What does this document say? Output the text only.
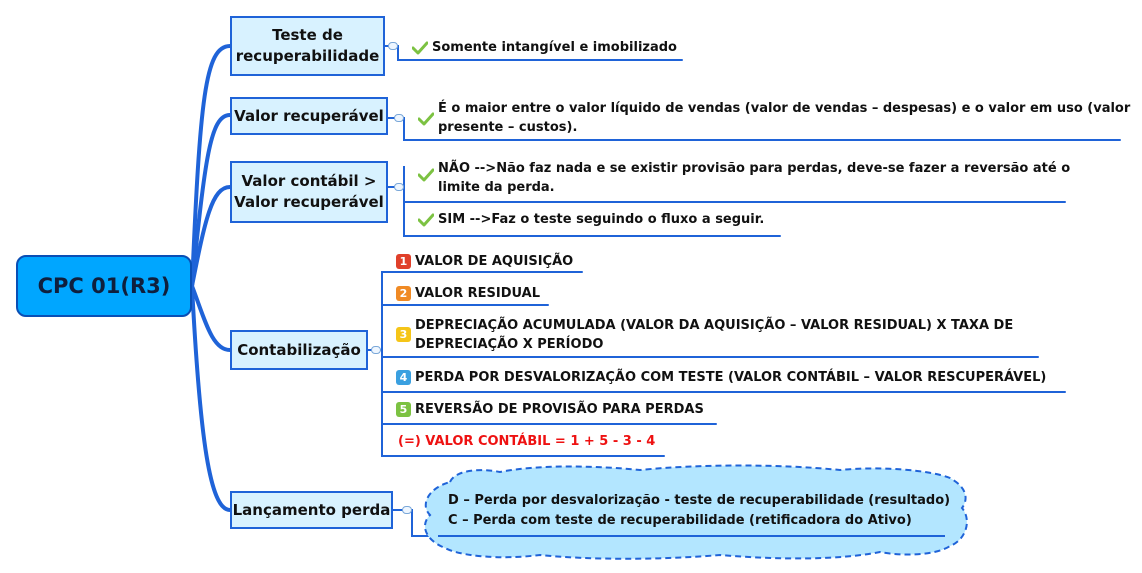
CPC 01(R3)
Teste de
recuperabilidade
Valor recuperável
Valor contábil >
Valor recuperável
Contabilização
Lançamento perda
Somente intangível e imobilizado
É o maior entre o valor líquido de vendas (valor de vendas – despesas) e o valor em uso (valor
presente – custos).
NÃO -->Não faz nada e se existir provisão para perdas, deve-se fazer a reversão até o
limite da perda.
SIM -->Faz o teste seguindo o fluxo a seguir.
1 VALOR DE AQUISIÇÃO
2 VALOR RESIDUAL
3
DEPRECIAÇÃO ACUMULADA (VALOR DA AQUISIÇÃO – VALOR RESIDUAL) X TAXA DE
DEPRECIAÇÃO X PERÍODO
4 PERDA POR DESVALORIZAÇÃO COM TESTE (VALOR CONTÁBIL – VALOR RESCUPERÁVEL)
5 REVERSÃO DE PROVISÃO PARA PERDAS
(=) VALOR CONTÁBIL = 1 + 5 - 3 - 4
D – Perda por desvalorização - teste de recuperabilidade (resultado)
C – Perda com teste de recuperabilidade (retificadora do Ativo)
